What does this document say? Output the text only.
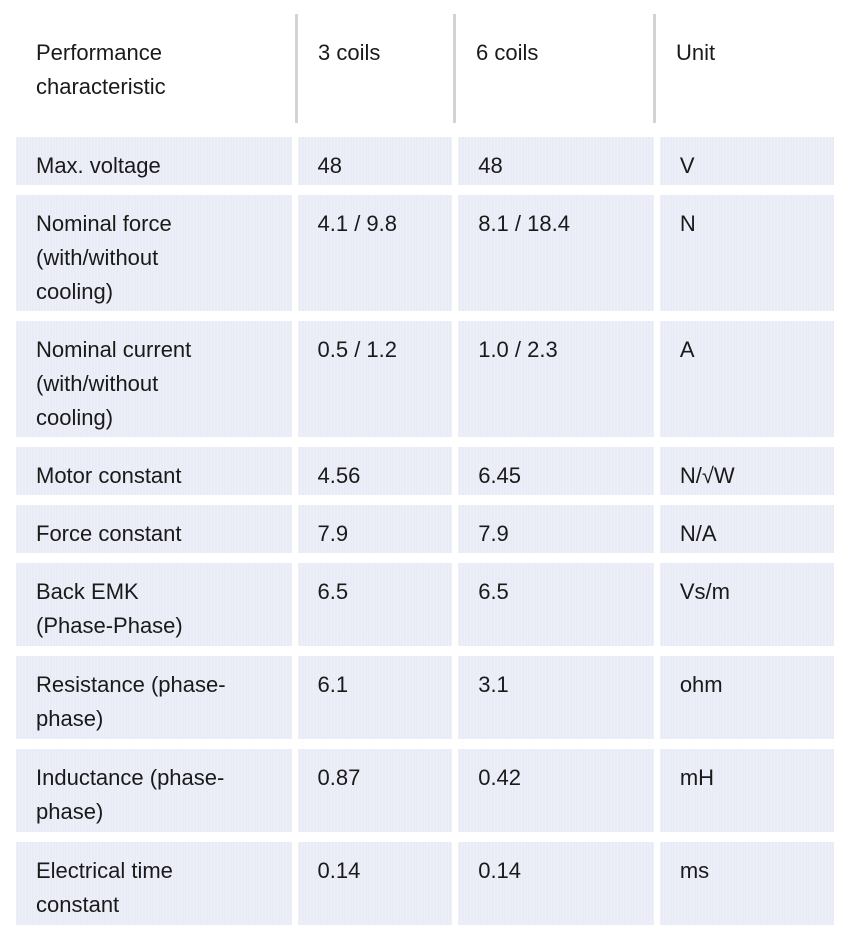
Performance
characteristic
3 coils	6 coils	Unit
Max. voltage	48	48	V
Nominal force
(with/without
cooling)
4.1 / 9.8	8.1 / 18.4	N
Nominal current
(with/without
cooling)
0.5 / 1.2	1.0 / 2.3	A
Motor constant	4.56	6.45	N/√W
Force constant	7.9	7.9	N/A
Back EMK
(Phase-Phase)
6.5	6.5	Vs/m
Resistance (phase-
phase)
6.1	3.1	ohm
Inductance (phase-
phase)
0.87	0.42	mH
Electrical time
constant
0.14	0.14	ms
